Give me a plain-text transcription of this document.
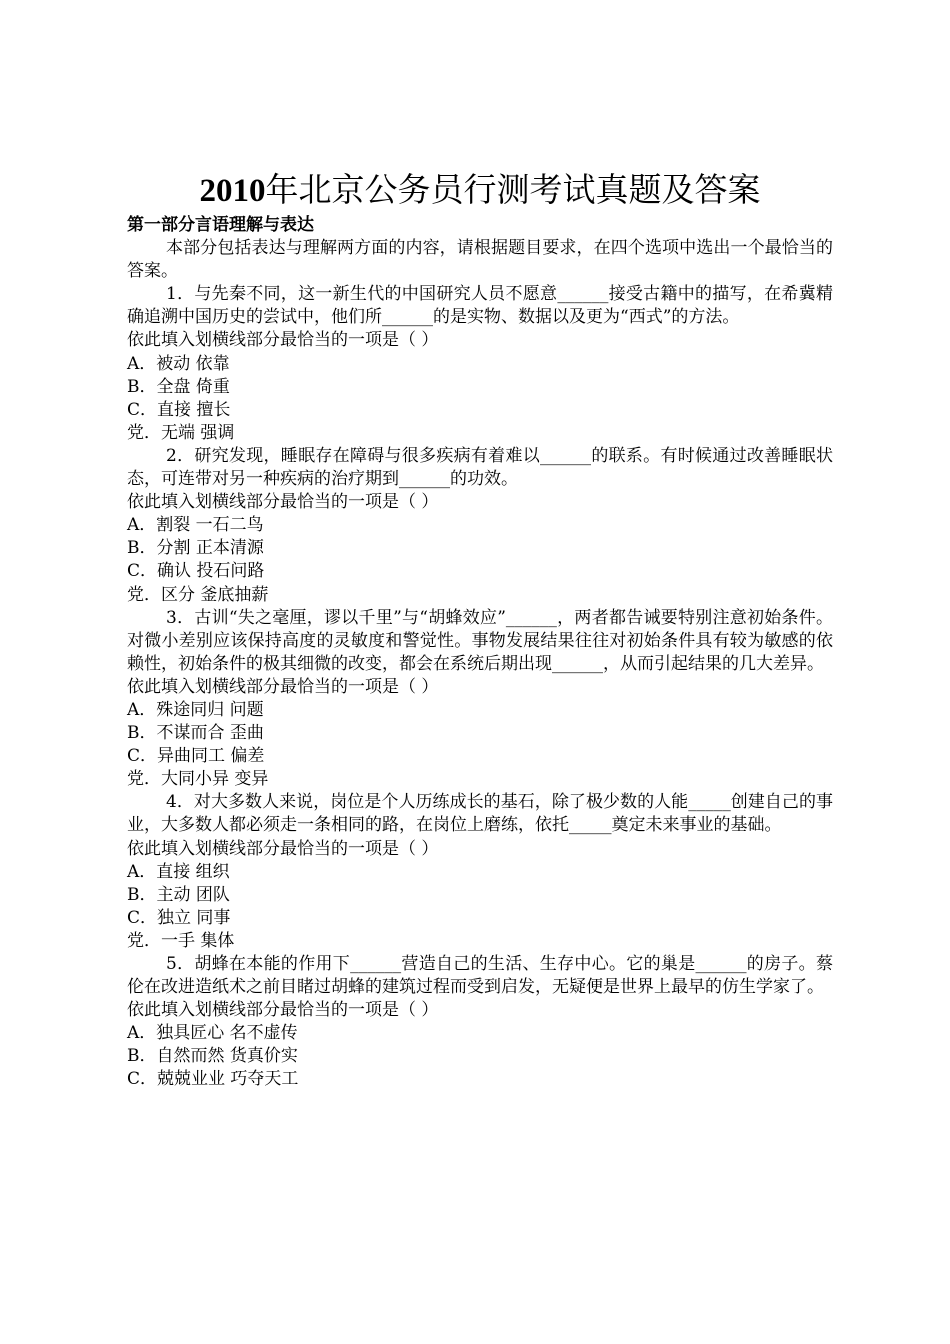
2010年北京公务员行测考试真题及答案

第一部分言语理解与表达

本部分包括表达与理解两方面的内容，请根据题目要求，在四个选项中选出一个最恰当的答案。

1．与先秦不同，这一新生代的中国研究人员不愿意______接受古籍中的描写，在希冀精确追溯中国历史的尝试中，他们所______的是实物、数据以及更为“西式”的方法。

依此填入划横线部分最恰当的一项是（ ）

A．被动 依靠

B．全盘 倚重

C．直接 擅长

党．无端 强调

2．研究发现，睡眠存在障碍与很多疾病有着难以______的联系。有时候通过改善睡眠状态，可连带对另一种疾病的治疗期到______的功效。

依此填入划横线部分最恰当的一项是（ ）

A．割裂 一石二鸟

B．分割 正本清源

C．确认 投石问路

党．区分 釜底抽薪

3．古训“失之毫厘，谬以千里”与“胡蜂效应”______，两者都告诫要特别注意初始条件。对微小差别应该保持高度的灵敏度和警觉性。事物发展结果往往对初始条件具有较为敏感的依赖性，初始条件的极其细微的改变，都会在系统后期出现______，从而引起结果的几大差异。

依此填入划横线部分最恰当的一项是（ ）

A．殊途同归 问题

B．不谋而合 歪曲

C．异曲同工 偏差

党．大同小异 变异

4．对大多数人来说，岗位是个人历练成长的基石，除了极少数的人能_____创建自己的事业，大多数人都必须走一条相同的路，在岗位上磨练，依托_____奠定未来事业的基础。

依此填入划横线部分最恰当的一项是（ ）

A．直接 组织

B．主动 团队

C．独立 同事

党．一手 集体

5．胡蜂在本能的作用下______营造自己的生活、生存中心。它的巢是______的房子。蔡伦在改进造纸术之前目睹过胡蜂的建筑过程而受到启发，无疑便是世界上最早的仿生学家了。

依此填入划横线部分最恰当的一项是（ ）

A．独具匠心 名不虚传

B．自然而然 货真价实

C．兢兢业业 巧夺天工
